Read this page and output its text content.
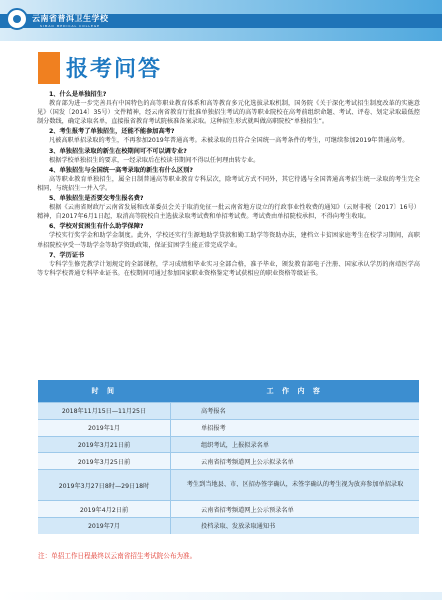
云南省普洱卫生学校
SIMAO MEDICAL COLLEGE
报考问答
1、什么是单独招生?

教育部为进一步完善具有中国特色的高等职业教育体系和高等教育多元化选拔录取机制，国务院《关于深化考试招生制度改革的实施意见》（国发〔2014〕35号）文件精神，经云南省教育厅批准单独招生考试的高等职业院校在高考前组织命题、考试、评卷、划定录取最低控制分数线，确定录取名单，直接报省教育考试院核准备案录取。这种招生形式就叫做高职院校“单独招生”。

2、考生报考了单独招生，还能不能参加高考?

凡被高职单招录取的考生，不再参加2019年普通高考。未被录取的且符合全国统一高考条件的考生，可继续参加2019年普通高考。

3、单独招生录取的新生在校期间可不可以调专业?

根据学校单独招生的要求，一经录取后在校读书期间不得以任何理由转专业。

4、单独招生与全国统一高考录取的新生有什么区别?

高等职业教育单独招生，属全日制普通高等职业教育专科层次，除考试方式不同外，其它待遇与全国普通高考招生统一录取的考生完全相同，与统招生一并入学。

5、单独招生是否要交考生报名费?

根据《云南省财政厅云南省发展和改革委员会关于取消免征一批云南省地方设立的行政事业性收费的通知》（云财非税〔2017〕16号）精神，自2017年6月1日起，取消高等院校自主选拔录取考试费和单招考试费。考试费由单招院校承担，不得向考生收取。

6、学校对贫困生有什么助学保障?

学校实行奖学金和助学金制度。此外，学校还实行生源地助学贷款和勤工助学等资助办法，建档立卡贫困家庭考生在校学习期间，高职单招院校享受一等助学金等助学资助政策，保证贫困学生能正常完成学业。

7、学历证书

专科学生修完教学计划规定的全部课程，学习成绩和毕业实习全部合格，准予毕业，颁发教育部电子注册、国家承认学历的南靖医学高等专科学校普通专科毕业证书。在校期间可通过参加国家职业资格鉴定考试获相应的职业资格等级证书。

时 间	工 作 内 容
2018年11月15日—11月25日	高考报名
2019年1月	单招报考
2019年3月21日前	组织考试，上报拟录名单
2019年3月25日前	云南省招考频道网上公示拟录名单
2019年3月27日8时—29日18时	考生到当地县、市、区招办签字确认，未签字确认的考生视为放弃参加单招录取
2019年4月2日前	云南省招考频道网上公示预录名单
2019年7月	投档录取、发放录取通知书
注：单招工作日程最终以云南省招生考试院公布为准。
